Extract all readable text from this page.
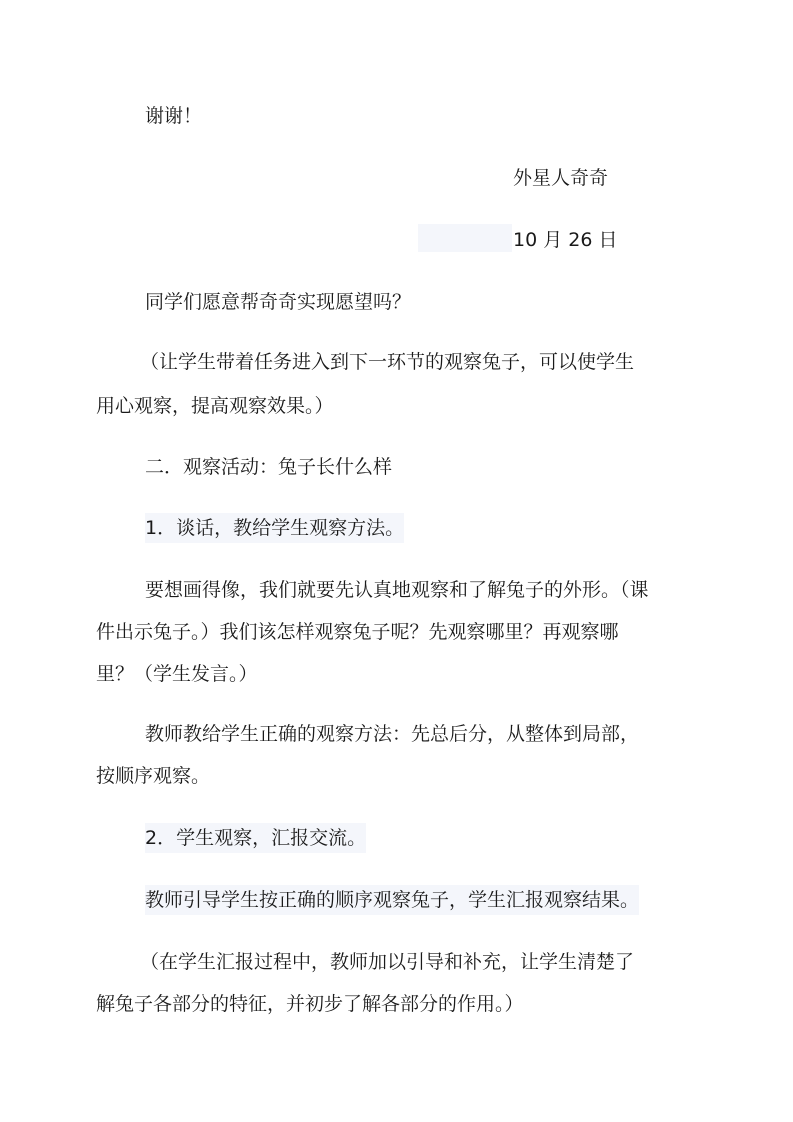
谢谢！
外星人奇奇
10 月 26 日
同学们愿意帮奇奇实现愿望吗？
（让学生带着任务进入到下一环节的观察兔子，可以使学生
用心观察，提高观察效果。）
二．观察活动：兔子长什么样
1．谈话，教给学生观察方法。
要想画得像，我们就要先认真地观察和了解兔子的外形。（课
件出示兔子。）我们该怎样观察兔子呢？先观察哪里？再观察哪
里？（学生发言。）
教师教给学生正确的观察方法：先总后分，从整体到局部，
按顺序观察。
2．学生观察，汇报交流。
教师引导学生按正确的顺序观察兔子，学生汇报观察结果。
（在学生汇报过程中，教师加以引导和补充，让学生清楚了
解兔子各部分的特征，并初步了解各部分的作用。）
